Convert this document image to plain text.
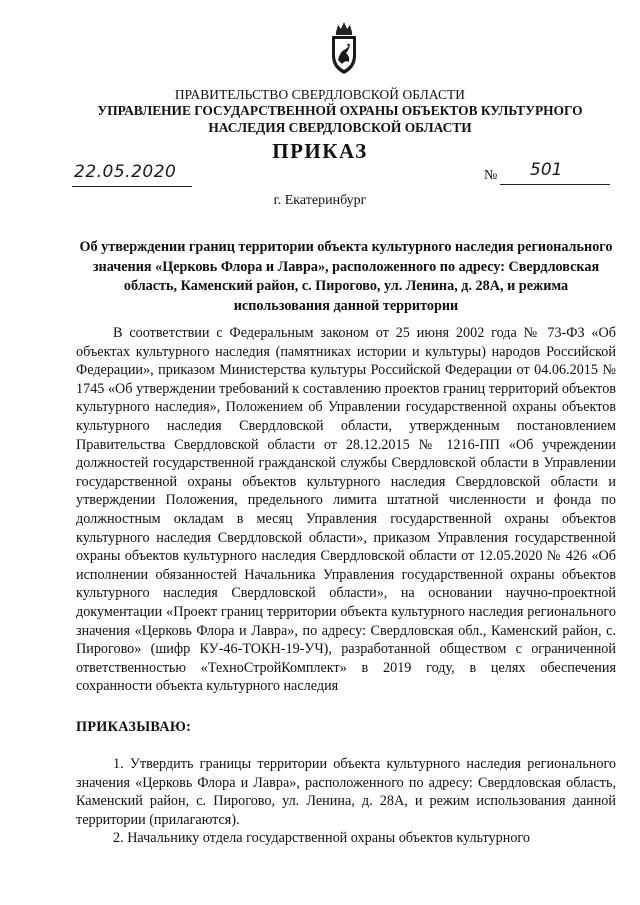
ПРАВИТЕЛЬСТВО СВЕРДЛОВСКОЙ ОБЛАСТИ
УПРАВЛЕНИЕ ГОСУДАРСТВЕННОЙ ОХРАНЫ ОБЪЕКТОВ КУЛЬТУРНОГО НАСЛЕДИЯ СВЕРДЛОВСКОЙ ОБЛАСТИ
ПРИКАЗ
22.05.2020	№ 501
г. Екатеринбург
Об утверждении границ территории объекта культурного наследия регионального значения «Церковь Флора и Лавра», расположенного по адресу: Свердловская область, Каменский район, с. Пирогово, ул. Ленина, д. 28А, и режима использования данной территории

В соответствии с Федеральным законом от 25 июня 2002 года № 73-ФЗ «Об объектах культурного наследия (памятниках истории и культуры) народов Российской Федерации», приказом Министерства культуры Российской Федерации от 04.06.2015 № 1745 «Об утверждении требований к составлению проектов границ территорий объектов культурного наследия», Положением об Управлении государственной охраны объектов культурного наследия Свердловской области, утвержденным постановлением Правительства Свердловской области от 28.12.2015 № 1216-ПП «Об учреждении должностей государственной гражданской службы Свердловской области в Управлении государственной охраны объектов культурного наследия Свердловской области и утверждении Положения, предельного лимита штатной численности и фонда по должностным окладам в месяц Управления государственной охраны объектов культурного наследия Свердловской области», приказом Управления государственной охраны объектов культурного наследия Свердловской области от 12.05.2020 № 426 «Об исполнении обязанностей Начальника Управления государственной охраны объектов культурного наследия Свердловской области», на основании научно-проектной документации «Проект границ территории объекта культурного наследия регионального значения «Церковь Флора и Лавра», по адресу: Свердловская обл., Каменский район, с. Пирогово» (шифр КУ-46-ТОКН-19-УЧ), разработанной обществом с ограниченной ответственностью «ТехноСтройКомплект» в 2019 году, в целях обеспечения сохранности объекта культурного наследия

ПРИКАЗЫВАЮ:

1. Утвердить границы территории объекта культурного наследия регионального значения «Церковь Флора и Лавра», расположенного по адресу: Свердловская область, Каменский район, с. Пирогово, ул. Ленина, д. 28А, и режим использования данной территории (прилагаются).

2. Начальнику отдела государственной охраны объектов культурного
